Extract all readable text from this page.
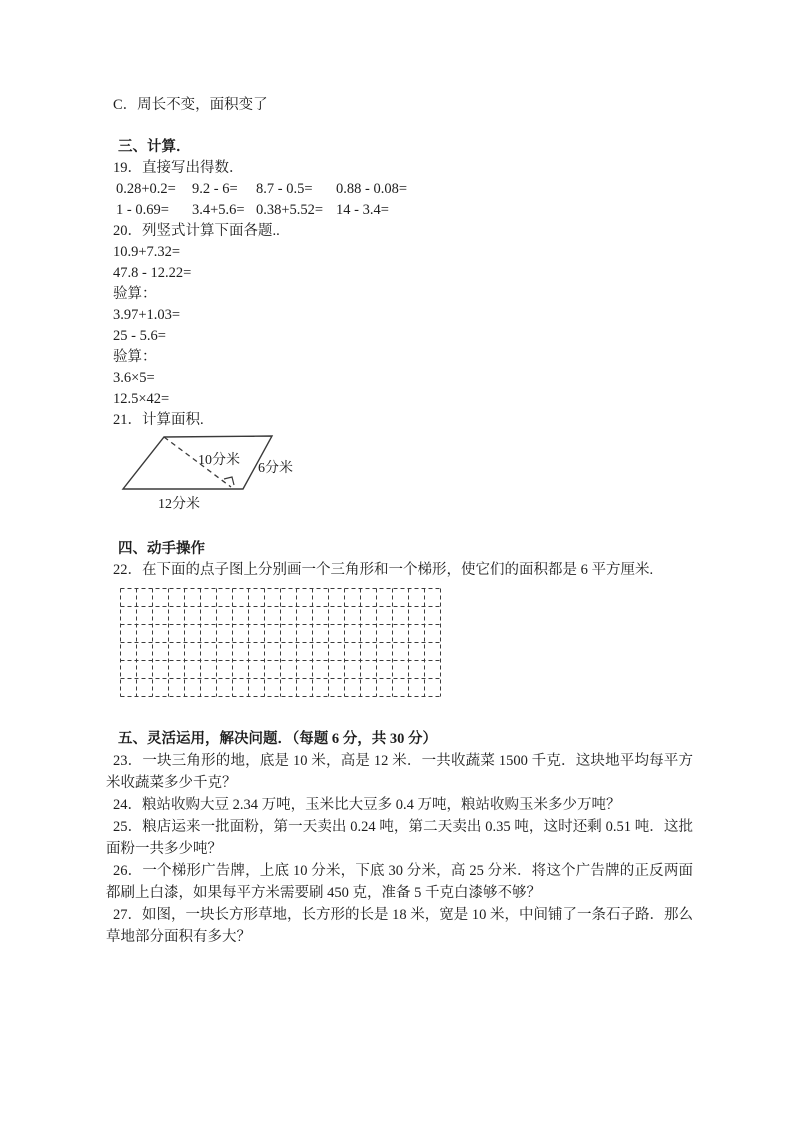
C．周长不变，面积变了
三、计算．
19．直接写出得数．
0.28+0.2=	9.2 - 6=	8.7 - 0.5=	0.88 - 0.08=
1 - 0.69=	3.4+5.6= 0.38+5.52= 14 - 3.4=
20．列竖式计算下面各题..
10.9+7.32=
47.8 - 12.22=
验算：
3.97+1.03=
25 - 5.6=
验算：
3.6×5=
12.5×42=
21．计算面积.
10分米
6分米
12分米
四、动手操作
22．在下面的点子图上分别画一个三角形和一个梯形，使它们的面积都是 6 平方厘米.
五、灵活运用，解决问题．（每题 6 分，共 30 分）

23．一块三角形的地，底是 10 米，高是 12 米．一共收蔬菜 1500 千克．这块地平均每平方米收蔬菜多少千克？

24．粮站收购大豆 2.34 万吨，玉米比大豆多 0.4 万吨，粮站收购玉米多少万吨？

25．粮店运来一批面粉，第一天卖出 0.24 吨，第二天卖出 0.35 吨，这时还剩 0.51 吨．这批面粉一共多少吨？

26．一个梯形广告牌，上底 10 分米，下底 30 分米，高 25 分米．将这个广告牌的正反两面都刷上白漆，如果每平方米需要刷 450 克，准备 5 千克白漆够不够？

27．如图，一块长方形草地，长方形的长是 18 米，宽是 10 米，中间铺了一条石子路．那么草地部分面积有多大？
